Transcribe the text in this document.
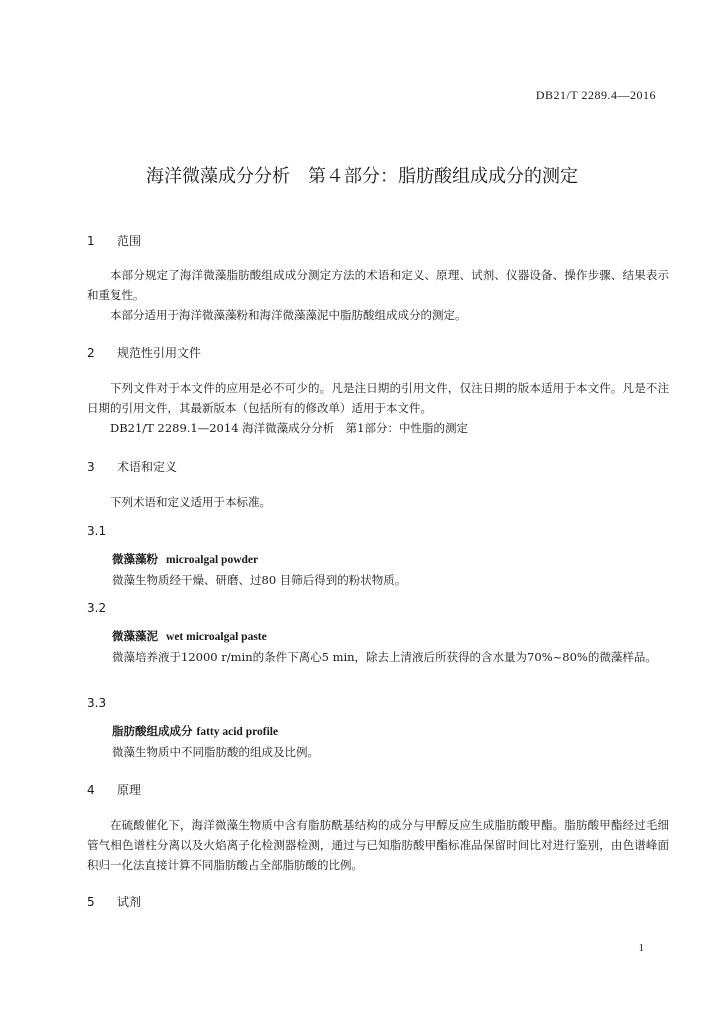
DB21/T 2289.4—2016
海洋微藻成分分析　第４部分：脂肪酸组成成分的测定
1　 范围

本部分规定了海洋微藻脂肪酸组成成分测定方法的术语和定义、原理、试剂、仪器设备、操作步骤、结果表示和重复性。

本部分适用于海洋微藻藻粉和海洋微藻藻泥中脂肪酸组成成分的测定。

2　 规范性引用文件

下列文件对于本文件的应用是必不可少的。凡是注日期的引用文件，仅注日期的版本适用于本文件。凡是不注日期的引用文件，其最新版本（包括所有的修改单）适用于本文件。

DB21/T 2289.1—2014 海洋微藻成分分析　第1部分：中性脂的测定

3　 术语和定义

下列术语和定义适用于本标准。

3.1
微藻藻粉 microalgal powder

微藻生物质经干燥、研磨、过80 目筛后得到的粉状物质。

3.2
微藻藻泥 wet microalgal paste

微藻培养液于12000 r/min的条件下离心5 min，除去上清液后所获得的含水量为70%~80%的微藻样品。

3.3
脂肪酸组成成分 fatty acid profile

微藻生物质中不同脂肪酸的组成及比例。

4　 原理

在硫酸催化下，海洋微藻生物质中含有脂肪酰基结构的成分与甲醇反应生成脂肪酸甲酯。脂肪酸甲酯经过毛细管气相色谱柱分离以及火焰离子化检测器检测，通过与已知脂肪酸甲酯标准品保留时间比对进行鉴别，由色谱峰面积归一化法直接计算不同脂肪酸占全部脂肪酸的比例。

5　 试剂
1
